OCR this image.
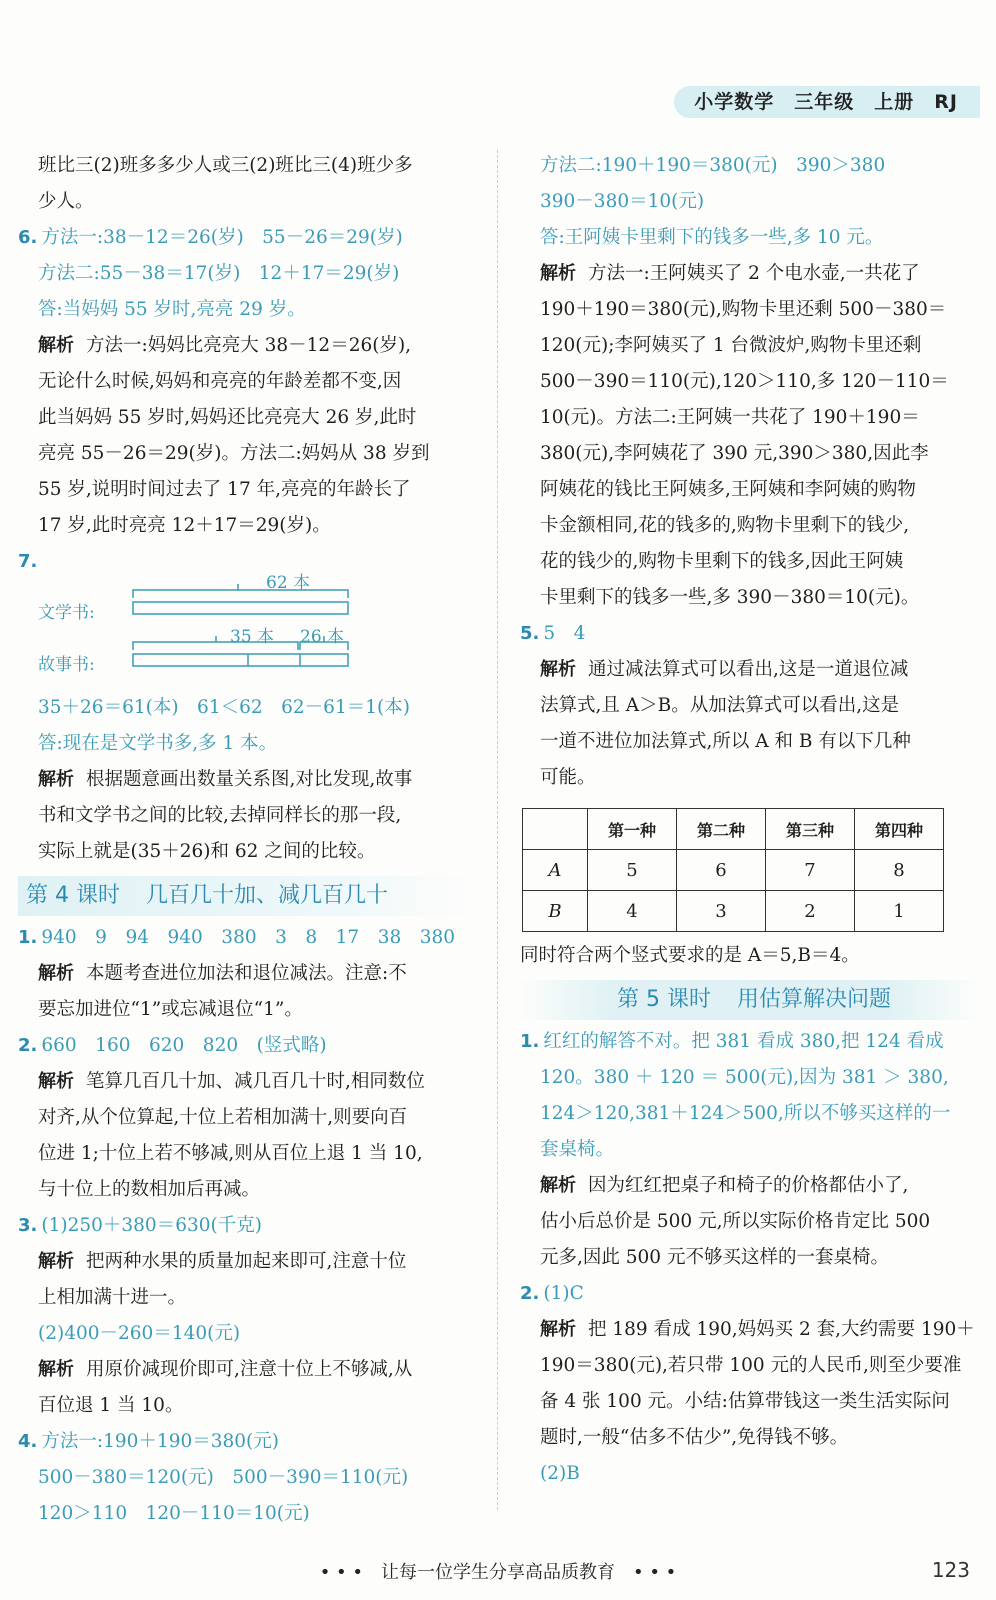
小学数学　三年级　上册　RJ
班比三(2)班多多少人或三(2)班比三(4)班少多
少人。
6. 方法一:38－12＝26(岁)　55－26＝29(岁)
方法二:55－38＝17(岁)　12＋17＝29(岁)
答:当妈妈 55 岁时,亮亮 29 岁。
解析 方法一:妈妈比亮亮大 38－12＝26(岁),
无论什么时候,妈妈和亮亮的年龄差都不变,因
此当妈妈 55 岁时,妈妈还比亮亮大 26 岁,此时
亮亮 55－26＝29(岁)。方法二:妈妈从 38 岁到
55 岁,说明时间过去了 17 年,亮亮的年龄长了
17 岁,此时亮亮 12＋17＝29(岁)。
7.
62 本
文学书:
35 本 26 本
故事书:
35＋26＝61(本)　61＜62　62－61＝1(本)
答:现在是文学书多,多 1 本。
解析 根据题意画出数量关系图,对比发现,故事
书和文学书之间的比较,去掉同样长的那一段,
实际上就是(35＋26)和 62 之间的比较。
第 4 课时 几百几十加、减几百几十
1. 940　9　94　940　380　3　8　17　38　380
解析 本题考查进位加法和退位减法。注意:不
要忘加进位“1”或忘减退位“1”。
2. 660　160　620　820　(竖式略)
解析 笔算几百几十加、减几百几十时,相同数位
对齐,从个位算起,十位上若相加满十,则要向百
位进 1;十位上若不够减,则从百位上退 1 当 10,
与十位上的数相加后再减。
3. (1)250＋380＝630(千克)
解析 把两种水果的质量加起来即可,注意十位
上相加满十进一。
(2)400－260＝140(元)
解析 用原价减现价即可,注意十位上不够减,从
百位退 1 当 10。
4. 方法一:190＋190＝380(元)
500－380＝120(元)　500－390＝110(元)
120＞110　120－110＝10(元)
方法二:190＋190＝380(元)　390＞380
390－380＝10(元)
答:王阿姨卡里剩下的钱多一些,多 10 元。
解析 方法一:王阿姨买了 2 个电水壶,一共花了
190＋190＝380(元),购物卡里还剩 500－380＝
120(元);李阿姨买了 1 台微波炉,购物卡里还剩
500－390＝110(元),120＞110,多 120－110＝
10(元)。方法二:王阿姨一共花了 190＋190＝
380(元),李阿姨花了 390 元,390＞380,因此李
阿姨花的钱比王阿姨多,王阿姨和李阿姨的购物
卡金额相同,花的钱多的,购物卡里剩下的钱少,
花的钱少的,购物卡里剩下的钱多,因此王阿姨
卡里剩下的钱多一些,多 390－380＝10(元)。
5. 5　4
解析 通过减法算式可以看出,这是一道退位减
法算式,且 A＞B。从加法算式可以看出,这是
一道不进位加法算式,所以 A 和 B 有以下几种
可能。
	第一种	第二种	第三种	第四种
A	5	6	7	8
B	4	3	2	1
同时符合两个竖式要求的是 A＝5,B＝4。
第 5 课时 用估算解决问题
1. 红红的解答不对。把 381 看成 380,把 124 看成
120。380 ＋ 120 ＝ 500(元),因为 381 ＞ 380,
124＞120,381＋124＞500,所以不够买这样的一
套桌椅。
解析 因为红红把桌子和椅子的价格都估小了,
估小后总价是 500 元,所以实际价格肯定比 500
元多,因此 500 元不够买这样的一套桌椅。
2. (1)C
解析 把 189 看成 190,妈妈买 2 套,大约需要 190＋
190＝380(元),若只带 100 元的人民币,则至少要准
备 4 张 100 元。小结:估算带钱这一类生活实际问
题时,一般“估多不估少”,免得钱不够。
(2)B
• • •　让每一位学生分享高品质教育　• • •	123
